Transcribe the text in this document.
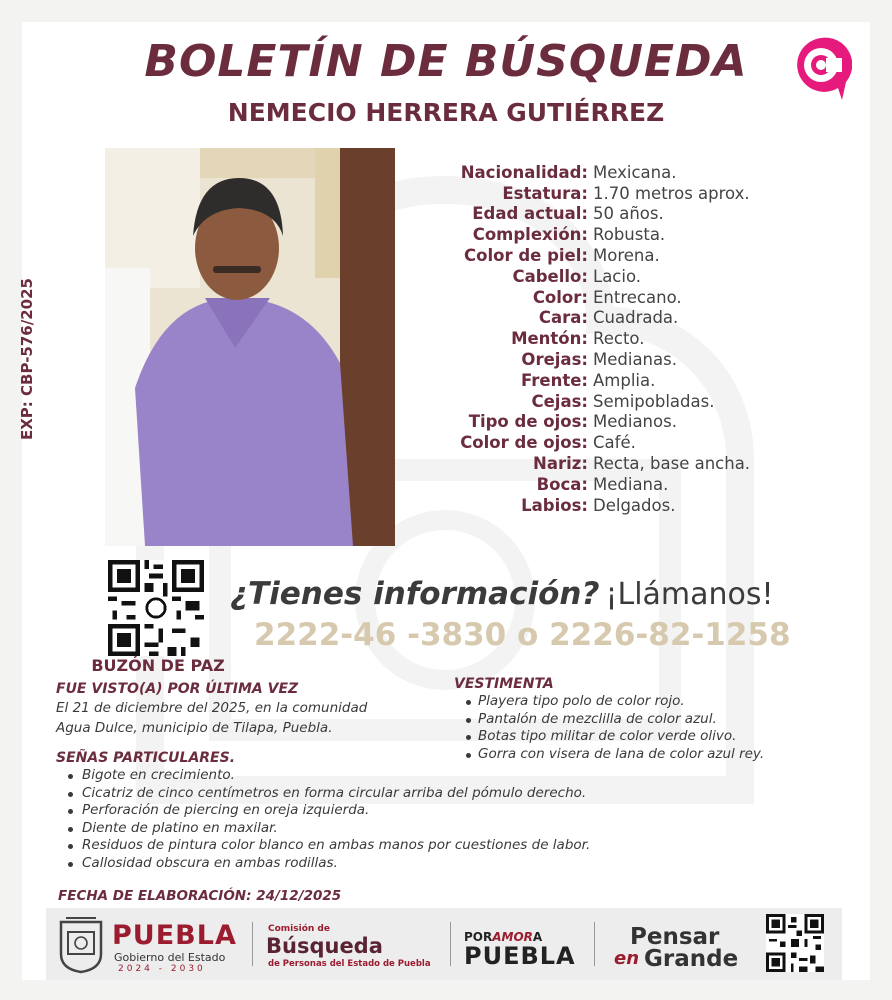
BOLETÍN DE BÚSQUEDA
NEMECIO HERRERA GUTIÉRREZ
EXP: CBP-576/2025
Nacionalidad: Mexicana.
Estatura: 1.70 metros aprox.
Edad actual: 50 años.
Complexión: Robusta.
Color de piel: Morena.
Cabello: Lacio.
Color: Entrecano.
Cara: Cuadrada.
Mentón: Recto.
Orejas: Medianas.
Frente: Amplia.
Cejas: Semipobladas.
Tipo de ojos: Medianos.
Color de ojos: Café.
Nariz: Recta, base ancha.
Boca: Mediana.
Labios: Delgados.
BUZÓN DE PAZ
¿Tienes información? ¡Llámanos!
2222-46 -3830 o 2226-82-1258
FUE VISTO(A) POR ÚLTIMA VEZ
El 21 de diciembre del 2025, en la comunidad
Agua Dulce, municipio de Tilapa, Puebla.
VESTIMENTA
Playera tipo polo de color rojo.
Pantalón de mezclilla de color azul.
Botas tipo militar de color verde olivo.
Gorra con visera de lana de color azul rey.
SEÑAS PARTICULARES.
Bigote en crecimiento.
Cicatriz de cinco centímetros en forma circular arriba del pómulo derecho.
Perforación de piercing en oreja izquierda.
Diente de platino en maxilar.
Residuos de pintura color blanco en ambas manos por cuestiones de labor.
Callosidad obscura en ambas rodillas.
FECHA DE ELABORACIÓN: 24/12/2025
PUEBLA
Gobierno del Estado
2024 - 2030
Comisión de
Búsqueda
de Personas del Estado de Puebla
PORAMORA
PUEBLA
Pensar
en Grande
